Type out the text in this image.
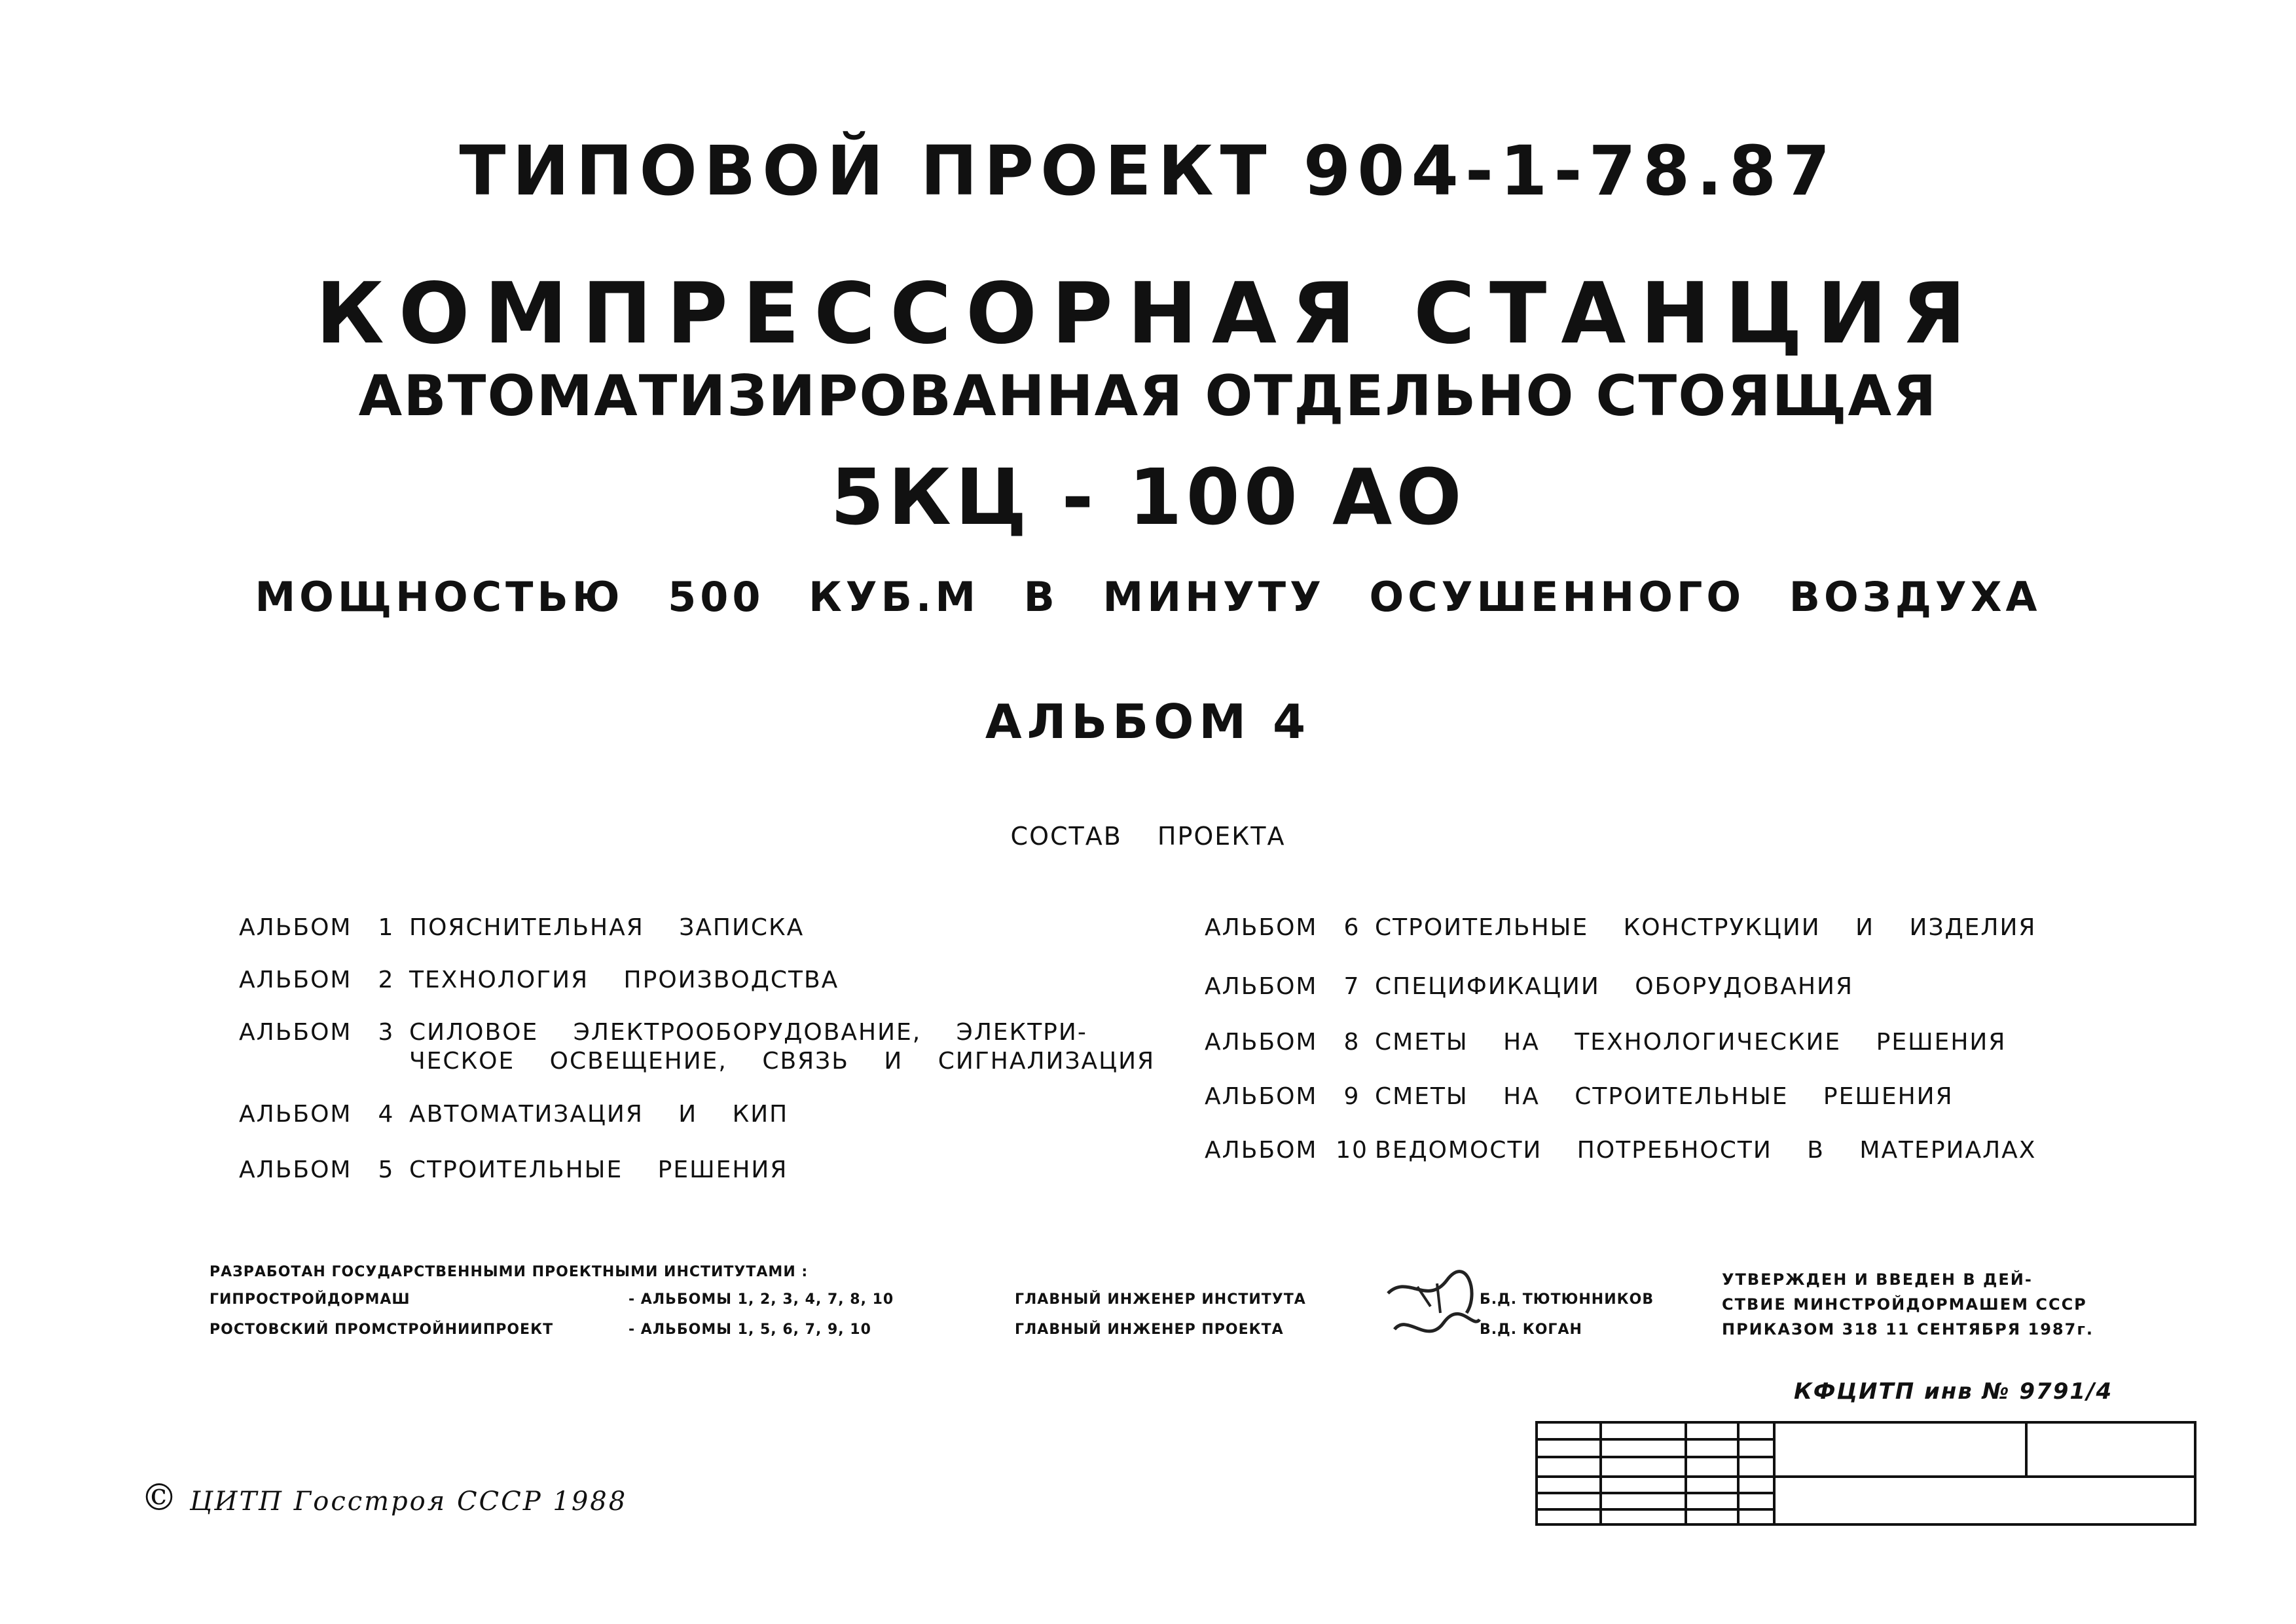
ТИПОВОЙ ПРОЕКТ 904-1-78.87
КОМПРЕССОРНАЯ СТАНЦИЯ
АВТОМАТИЗИРОВАННАЯ ОТДЕЛЬНО СТОЯЩАЯ
5КЦ - 100 АО
МОЩНОСТЬЮ 500 КУБ.М В МИНУТУ ОСУШЕННОГО ВОЗДУХА
АЛЬБОМ 4
СОСТАВ ПРОЕКТА
АЛЬБОМ 1 ПОЯСНИТЕЛЬНАЯ ЗАПИСКА
АЛЬБОМ 2 ТЕХНОЛОГИЯ ПРОИЗВОДСТВА
АЛЬБОМ 3 СИЛОВОЕ ЭЛЕКТРООБОРУДОВАНИЕ, ЭЛЕКТРИ-
ЧЕСКОЕ ОСВЕЩЕНИЕ, СВЯЗЬ И СИГНАЛИЗАЦИЯ
АЛЬБОМ 4 АВТОМАТИЗАЦИЯ И КИП
АЛЬБОМ 5 СТРОИТЕЛЬНЫЕ РЕШЕНИЯ
АЛЬБОМ 6 СТРОИТЕЛЬНЫЕ КОНСТРУКЦИИ И ИЗДЕЛИЯ
АЛЬБОМ 7 СПЕЦИФИКАЦИИ ОБОРУДОВАНИЯ
АЛЬБОМ 8 СМЕТЫ НА ТЕХНОЛОГИЧЕСКИЕ РЕШЕНИЯ
АЛЬБОМ 9 СМЕТЫ НА СТРОИТЕЛЬНЫЕ РЕШЕНИЯ
АЛЬБОМ 10 ВЕДОМОСТИ ПОТРЕБНОСТИ В МАТЕРИАЛАХ
РАЗРАБОТАН ГОСУДАРСТВЕННЫМИ ПРОЕКТНЫМИ ИНСТИТУТАМИ :
ГИПРОСТРОЙДОРМАШ	- АЛЬБОМЫ 1, 2, 3, 4, 7, 8, 10
РОСТОВСКИЙ ПРОМСТРОЙНИИПРОЕКТ	- АЛЬБОМЫ 1, 5, 6, 7, 9, 10
ГЛАВНЫЙ ИНЖЕНЕР ИНСТИТУТА	Б.Д. ТЮТЮННИКОВ
ГЛАВНЫЙ ИНЖЕНЕР ПРОЕКТА	В.Д. КОГАН
УТВЕРЖДЕН И ВВЕДЕН В ДЕЙ-
СТВИЕ МИНСТРОЙДОРМАШЕМ СССР
ПРИКАЗОМ 318 11 СЕНТЯБРЯ 1987г.
КФЦИТП инв № 9791/4
© ЦИТП Госстроя СССР 1988
